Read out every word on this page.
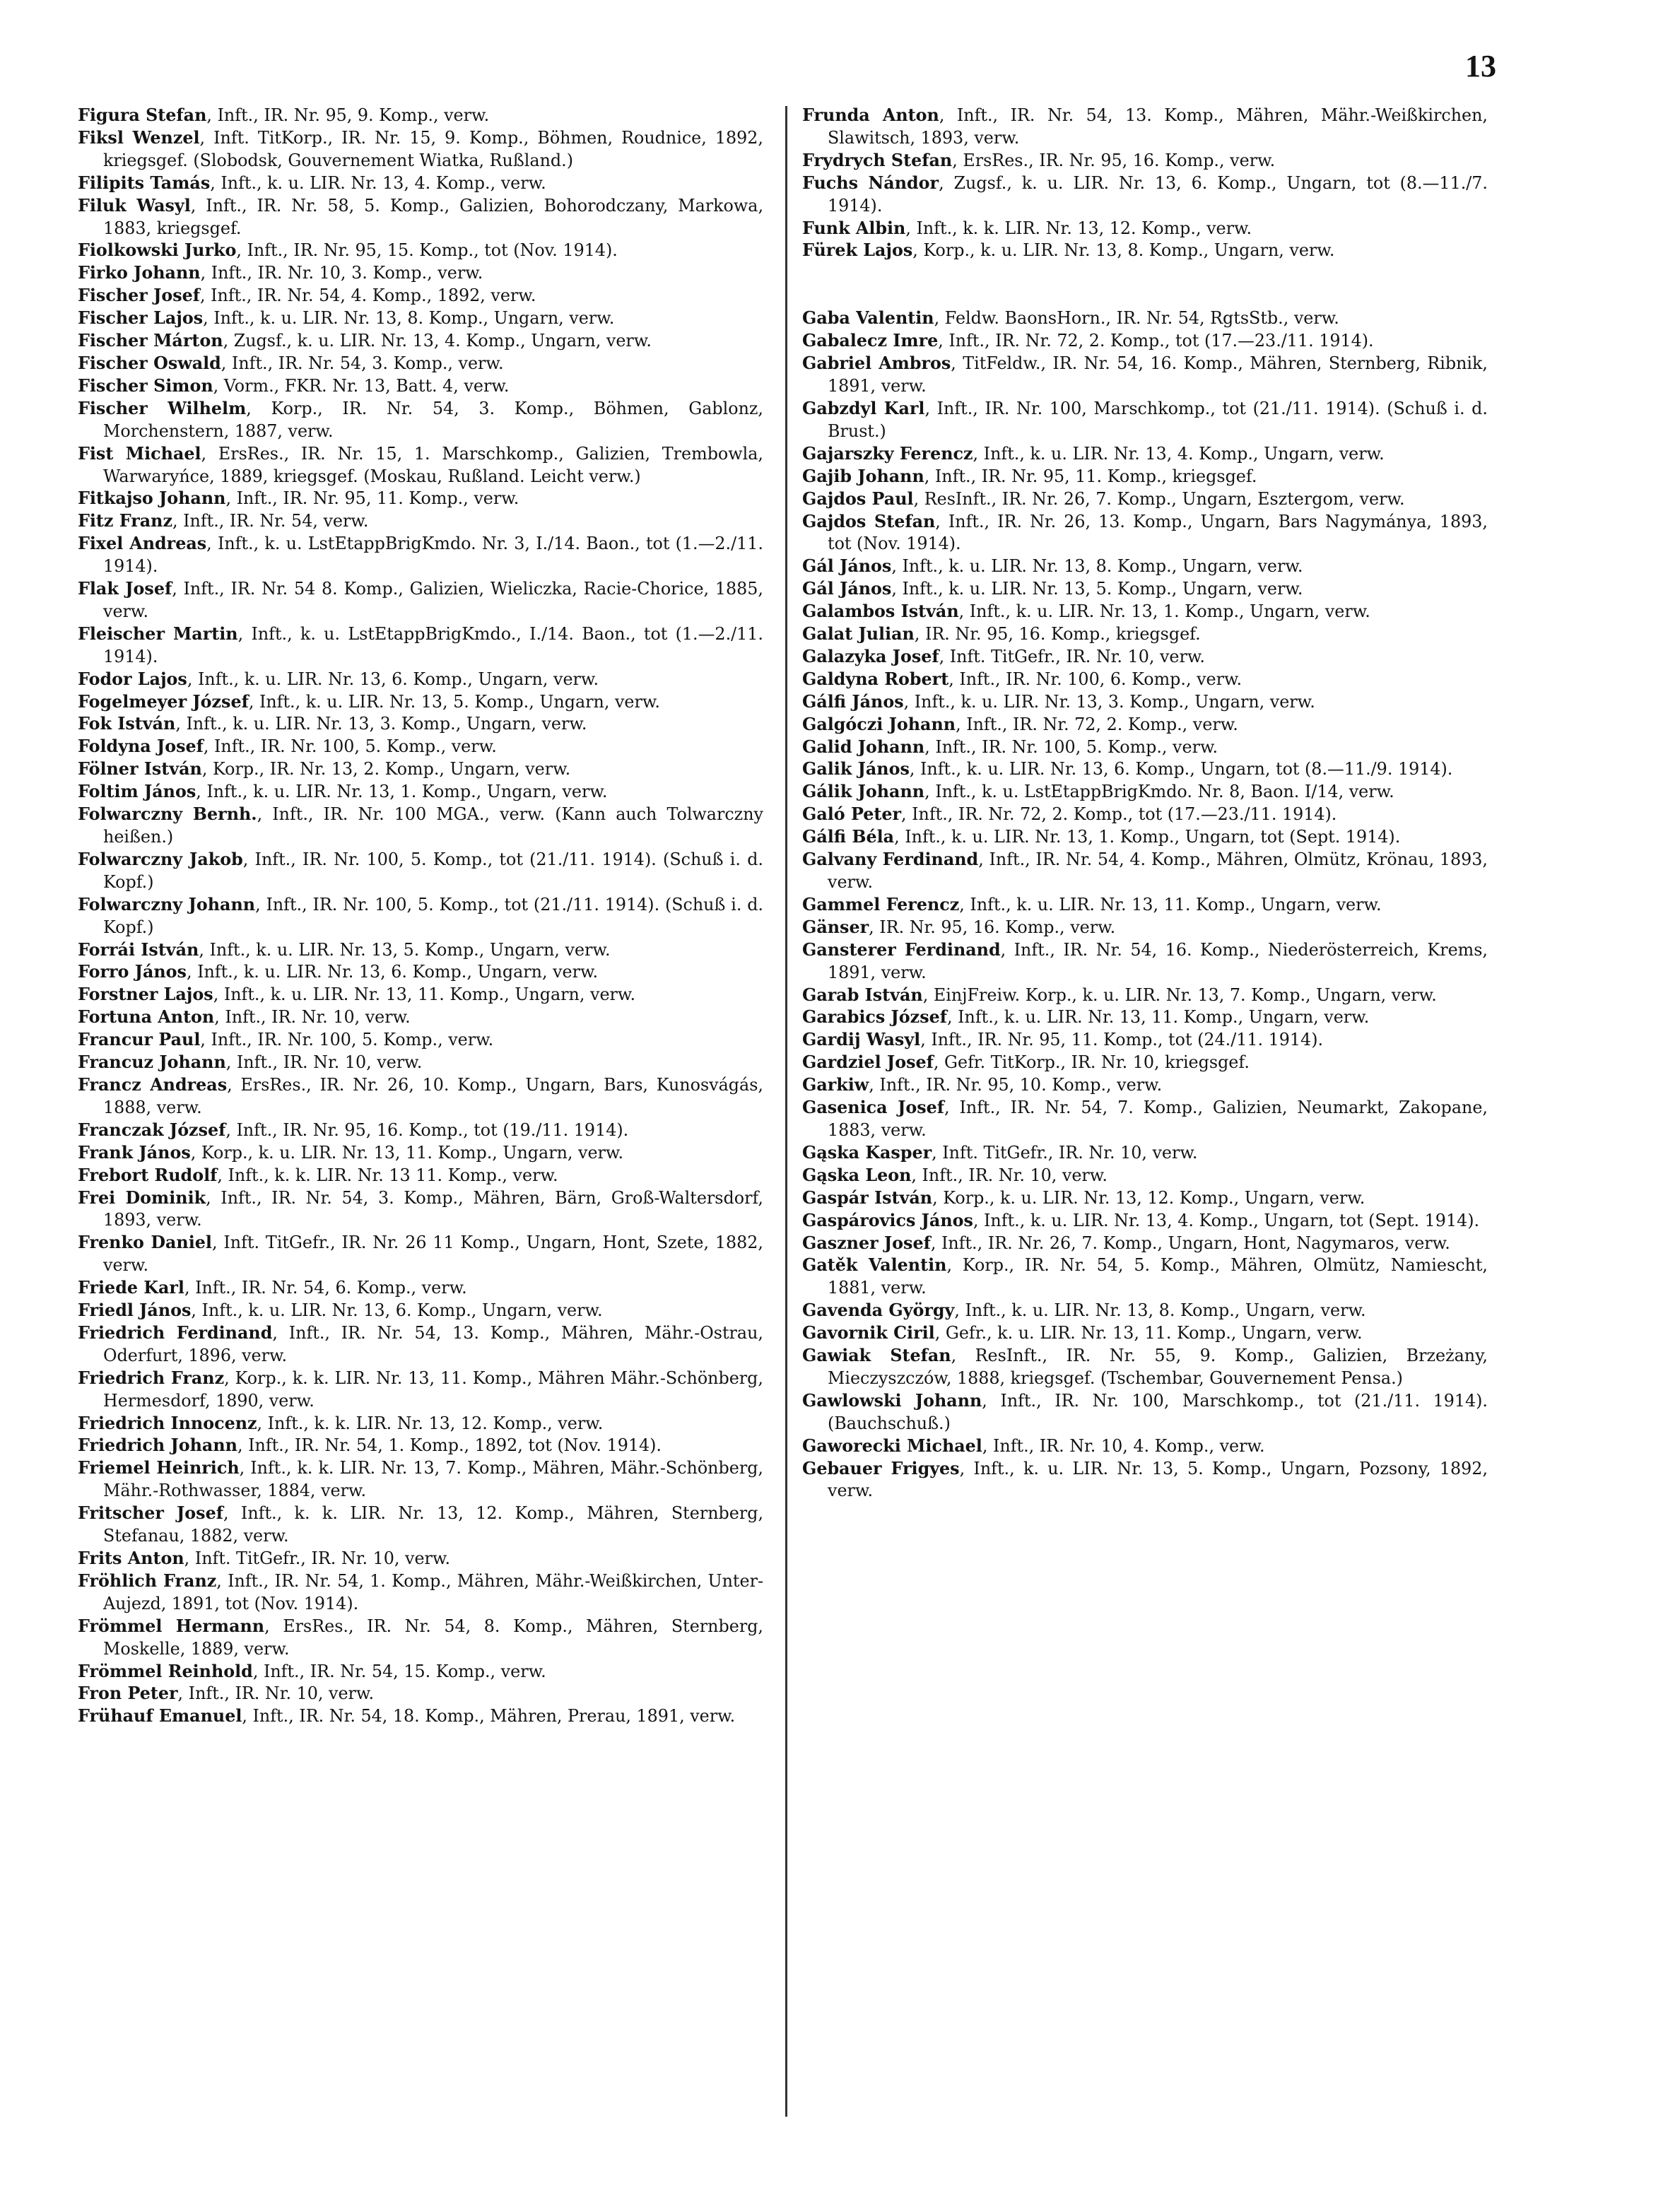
13

Figura Stefan, Inft., IR. Nr. 95, 9. Komp., verw.

Fiksl Wenzel, Inft. TitKorp., IR. Nr. 15, 9. Komp., Böhmen, Roudnice, 1892, kriegsgef. (Slobodsk, Gouvernement Wiatka, Rußland.)

Filipits Tamás, Inft., k. u. LIR. Nr. 13, 4. Komp., verw.

Filuk Wasyl, Inft., IR. Nr. 58, 5. Komp., Galizien, Bohorodczany, Markowa, 1883, kriegsgef.

Fiolkowski Jurko, Inft., IR. Nr. 95, 15. Komp., tot (Nov. 1914).

Firko Johann, Inft., IR. Nr. 10, 3. Komp., verw.

Fischer Josef, Inft., IR. Nr. 54, 4. Komp., 1892, verw.

Fischer Lajos, Inft., k. u. LIR. Nr. 13, 8. Komp., Ungarn, verw.

Fischer Márton, Zugsf., k. u. LIR. Nr. 13, 4. Komp., Ungarn, verw.

Fischer Oswald, Inft., IR. Nr. 54, 3. Komp., verw.

Fischer Simon, Vorm., FKR. Nr. 13, Batt. 4, verw.

Fischer Wilhelm, Korp., IR. Nr. 54, 3. Komp., Böhmen, Gablonz, Morchenstern, 1887, verw.

Fist Michael, ErsRes., IR. Nr. 15, 1. Marschkomp., Galizien, Trembowla, Warwaryńce, 1889, kriegsgef. (Moskau, Rußland. Leicht verw.)

Fitkajso Johann, Inft., IR. Nr. 95, 11. Komp., verw.

Fitz Franz, Inft., IR. Nr. 54, verw.

Fixel Andreas, Inft., k. u. LstEtappBrigKmdo. Nr. 3, I./14. Baon., tot (1.—2./11. 1914).

Flak Josef, Inft., IR. Nr. 54 8. Komp., Galizien, Wieliczka, Racie-Chorice, 1885, verw.

Fleischer Martin, Inft., k. u. LstEtappBrigKmdo., I./14. Baon., tot (1.—2./11. 1914).

Fodor Lajos, Inft., k. u. LIR. Nr. 13, 6. Komp., Ungarn, verw.

Fogelmeyer József, Inft., k. u. LIR. Nr. 13, 5. Komp., Ungarn, verw.

Fok István, Inft., k. u. LIR. Nr. 13, 3. Komp., Ungarn, verw.

Foldyna Josef, Inft., IR. Nr. 100, 5. Komp., verw.

Fölner István, Korp., IR. Nr. 13, 2. Komp., Ungarn, verw.

Foltim János, Inft., k. u. LIR. Nr. 13, 1. Komp., Ungarn, verw.

Folwarczny Bernh., Inft., IR. Nr. 100 MGA., verw. (Kann auch Tolwarczny heißen.)

Folwarczny Jakob, Inft., IR. Nr. 100, 5. Komp., tot (21./11. 1914). (Schuß i. d. Kopf.)

Folwarczny Johann, Inft., IR. Nr. 100, 5. Komp., tot (21./11. 1914). (Schuß i. d. Kopf.)

Forrái István, Inft., k. u. LIR. Nr. 13, 5. Komp., Ungarn, verw.

Forro János, Inft., k. u. LIR. Nr. 13, 6. Komp., Ungarn, verw.

Forstner Lajos, Inft., k. u. LIR. Nr. 13, 11. Komp., Ungarn, verw.

Fortuna Anton, Inft., IR. Nr. 10, verw.

Francur Paul, Inft., IR. Nr. 100, 5. Komp., verw.

Francuz Johann, Inft., IR. Nr. 10, verw.

Francz Andreas, ErsRes., IR. Nr. 26, 10. Komp., Ungarn, Bars, Kunosvágás, 1888, verw.

Franczak József, Inft., IR. Nr. 95, 16. Komp., tot (19./11. 1914).

Frank János, Korp., k. u. LIR. Nr. 13, 11. Komp., Ungarn, verw.

Frebort Rudolf, Inft., k. k. LIR. Nr. 13 11. Komp., verw.

Frei Dominik, Inft., IR. Nr. 54, 3. Komp., Mähren, Bärn, Groß-Waltersdorf, 1893, verw.

Frenko Daniel, Inft. TitGefr., IR. Nr. 26 11 Komp., Ungarn, Hont, Szete, 1882, verw.

Friede Karl, Inft., IR. Nr. 54, 6. Komp., verw.

Friedl János, Inft., k. u. LIR. Nr. 13, 6. Komp., Ungarn, verw.

Friedrich Ferdinand, Inft., IR. Nr. 54, 13. Komp., Mähren, Mähr.-Ostrau, Oderfurt, 1896, verw.

Friedrich Franz, Korp., k. k. LIR. Nr. 13, 11. Komp., Mähren Mähr.-Schönberg, Hermesdorf, 1890, verw.

Friedrich Innocenz, Inft., k. k. LIR. Nr. 13, 12. Komp., verw.

Friedrich Johann, Inft., IR. Nr. 54, 1. Komp., 1892, tot (Nov. 1914).

Friemel Heinrich, Inft., k. k. LIR. Nr. 13, 7. Komp., Mähren, Mähr.-Schönberg, Mähr.-Rothwasser, 1884, verw.

Fritscher Josef, Inft., k. k. LIR. Nr. 13, 12. Komp., Mähren, Sternberg, Stefanau, 1882, verw.

Frits Anton, Inft. TitGefr., IR. Nr. 10, verw.

Fröhlich Franz, Inft., IR. Nr. 54, 1. Komp., Mähren, Mähr.-Weißkirchen, Unter-Aujezd, 1891, tot (Nov. 1914).

Frömmel Hermann, ErsRes., IR. Nr. 54, 8. Komp., Mähren, Sternberg, Moskelle, 1889, verw.

Frömmel Reinhold, Inft., IR. Nr. 54, 15. Komp., verw.

Fron Peter, Inft., IR. Nr. 10, verw.

Frühauf Emanuel, Inft., IR. Nr. 54, 18. Komp., Mähren, Prerau, 1891, verw.

Frunda Anton, Inft., IR. Nr. 54, 13. Komp., Mähren, Mähr.-Weißkirchen, Slawitsch, 1893, verw.

Frydrych Stefan, ErsRes., IR. Nr. 95, 16. Komp., verw.

Fuchs Nándor, Zugsf., k. u. LIR. Nr. 13, 6. Komp., Ungarn, tot (8.—11./7. 1914).

Funk Albin, Inft., k. k. LIR. Nr. 13, 12. Komp., verw.

Fürek Lajos, Korp., k. u. LIR. Nr. 13, 8. Komp., Ungarn, verw.

Gaba Valentin, Feldw. BaonsHorn., IR. Nr. 54, RgtsStb., verw.

Gabalecz Imre, Inft., IR. Nr. 72, 2. Komp., tot (17.—23./11. 1914).

Gabriel Ambros, TitFeldw., IR. Nr. 54, 16. Komp., Mähren, Sternberg, Ribnik, 1891, verw.

Gabzdyl Karl, Inft., IR. Nr. 100, Marschkomp., tot (21./11. 1914). (Schuß i. d. Brust.)

Gajarszky Ferencz, Inft., k. u. LIR. Nr. 13, 4. Komp., Ungarn, verw.

Gajib Johann, Inft., IR. Nr. 95, 11. Komp., kriegsgef.

Gajdos Paul, ResInft., IR. Nr. 26, 7. Komp., Ungarn, Esztergom, verw.

Gajdos Stefan, Inft., IR. Nr. 26, 13. Komp., Ungarn, Bars Nagymánya, 1893, tot (Nov. 1914).

Gál János, Inft., k. u. LIR. Nr. 13, 8. Komp., Ungarn, verw.

Gál János, Inft., k. u. LIR. Nr. 13, 5. Komp., Ungarn, verw.

Galambos István, Inft., k. u. LIR. Nr. 13, 1. Komp., Ungarn, verw.

Galat Julian, IR. Nr. 95, 16. Komp., kriegsgef.

Galazyka Josef, Inft. TitGefr., IR. Nr. 10, verw.

Galdyna Robert, Inft., IR. Nr. 100, 6. Komp., verw.

Gálfi János, Inft., k. u. LIR. Nr. 13, 3. Komp., Ungarn, verw.

Galgóczi Johann, Inft., IR. Nr. 72, 2. Komp., verw.

Galid Johann, Inft., IR. Nr. 100, 5. Komp., verw.

Galik János, Inft., k. u. LIR. Nr. 13, 6. Komp., Ungarn, tot (8.—11./9. 1914).

Gálik Johann, Inft., k. u. LstEtappBrigKmdo. Nr. 8, Baon. I/14, verw.

Galó Peter, Inft., IR. Nr. 72, 2. Komp., tot (17.—23./11. 1914).

Gálfi Béla, Inft., k. u. LIR. Nr. 13, 1. Komp., Ungarn, tot (Sept. 1914).

Galvany Ferdinand, Inft., IR. Nr. 54, 4. Komp., Mähren, Olmütz, Krönau, 1893, verw.

Gammel Ferencz, Inft., k. u. LIR. Nr. 13, 11. Komp., Ungarn, verw.

Gänser, IR. Nr. 95, 16. Komp., verw.

Gansterer Ferdinand, Inft., IR. Nr. 54, 16. Komp., Niederösterreich, Krems, 1891, verw.

Garab István, EinjFreiw. Korp., k. u. LIR. Nr. 13, 7. Komp., Ungarn, verw.

Garabics József, Inft., k. u. LIR. Nr. 13, 11. Komp., Ungarn, verw.

Gardij Wasyl, Inft., IR. Nr. 95, 11. Komp., tot (24./11. 1914).

Gardziel Josef, Gefr. TitKorp., IR. Nr. 10, kriegsgef.

Garkiw, Inft., IR. Nr. 95, 10. Komp., verw.

Gasenica Josef, Inft., IR. Nr. 54, 7. Komp., Galizien, Neumarkt, Zakopane, 1883, verw.

Gąska Kasper, Inft. TitGefr., IR. Nr. 10, verw.

Gąska Leon, Inft., IR. Nr. 10, verw.

Gaspár István, Korp., k. u. LIR. Nr. 13, 12. Komp., Ungarn, verw.

Gaspárovics János, Inft., k. u. LIR. Nr. 13, 4. Komp., Ungarn, tot (Sept. 1914).

Gaszner Josef, Inft., IR. Nr. 26, 7. Komp., Ungarn, Hont, Nagymaros, verw.

Gatěk Valentin, Korp., IR. Nr. 54, 5. Komp., Mähren, Olmütz, Namiescht, 1881, verw.

Gavenda György, Inft., k. u. LIR. Nr. 13, 8. Komp., Ungarn, verw.

Gavornik Ciril, Gefr., k. u. LIR. Nr. 13, 11. Komp., Ungarn, verw.

Gawiak Stefan, ResInft., IR. Nr. 55, 9. Komp., Galizien, Brzeżany, Mieczyszczów, 1888, kriegsgef. (Tschembar, Gouvernement Pensa.)

Gawlowski Johann, Inft., IR. Nr. 100, Marschkomp., tot (21./11. 1914). (Bauchschuß.)

Gaworecki Michael, Inft., IR. Nr. 10, 4. Komp., verw.

Gebauer Frigyes, Inft., k. u. LIR. Nr. 13, 5. Komp., Ungarn, Pozsony, 1892, verw.
